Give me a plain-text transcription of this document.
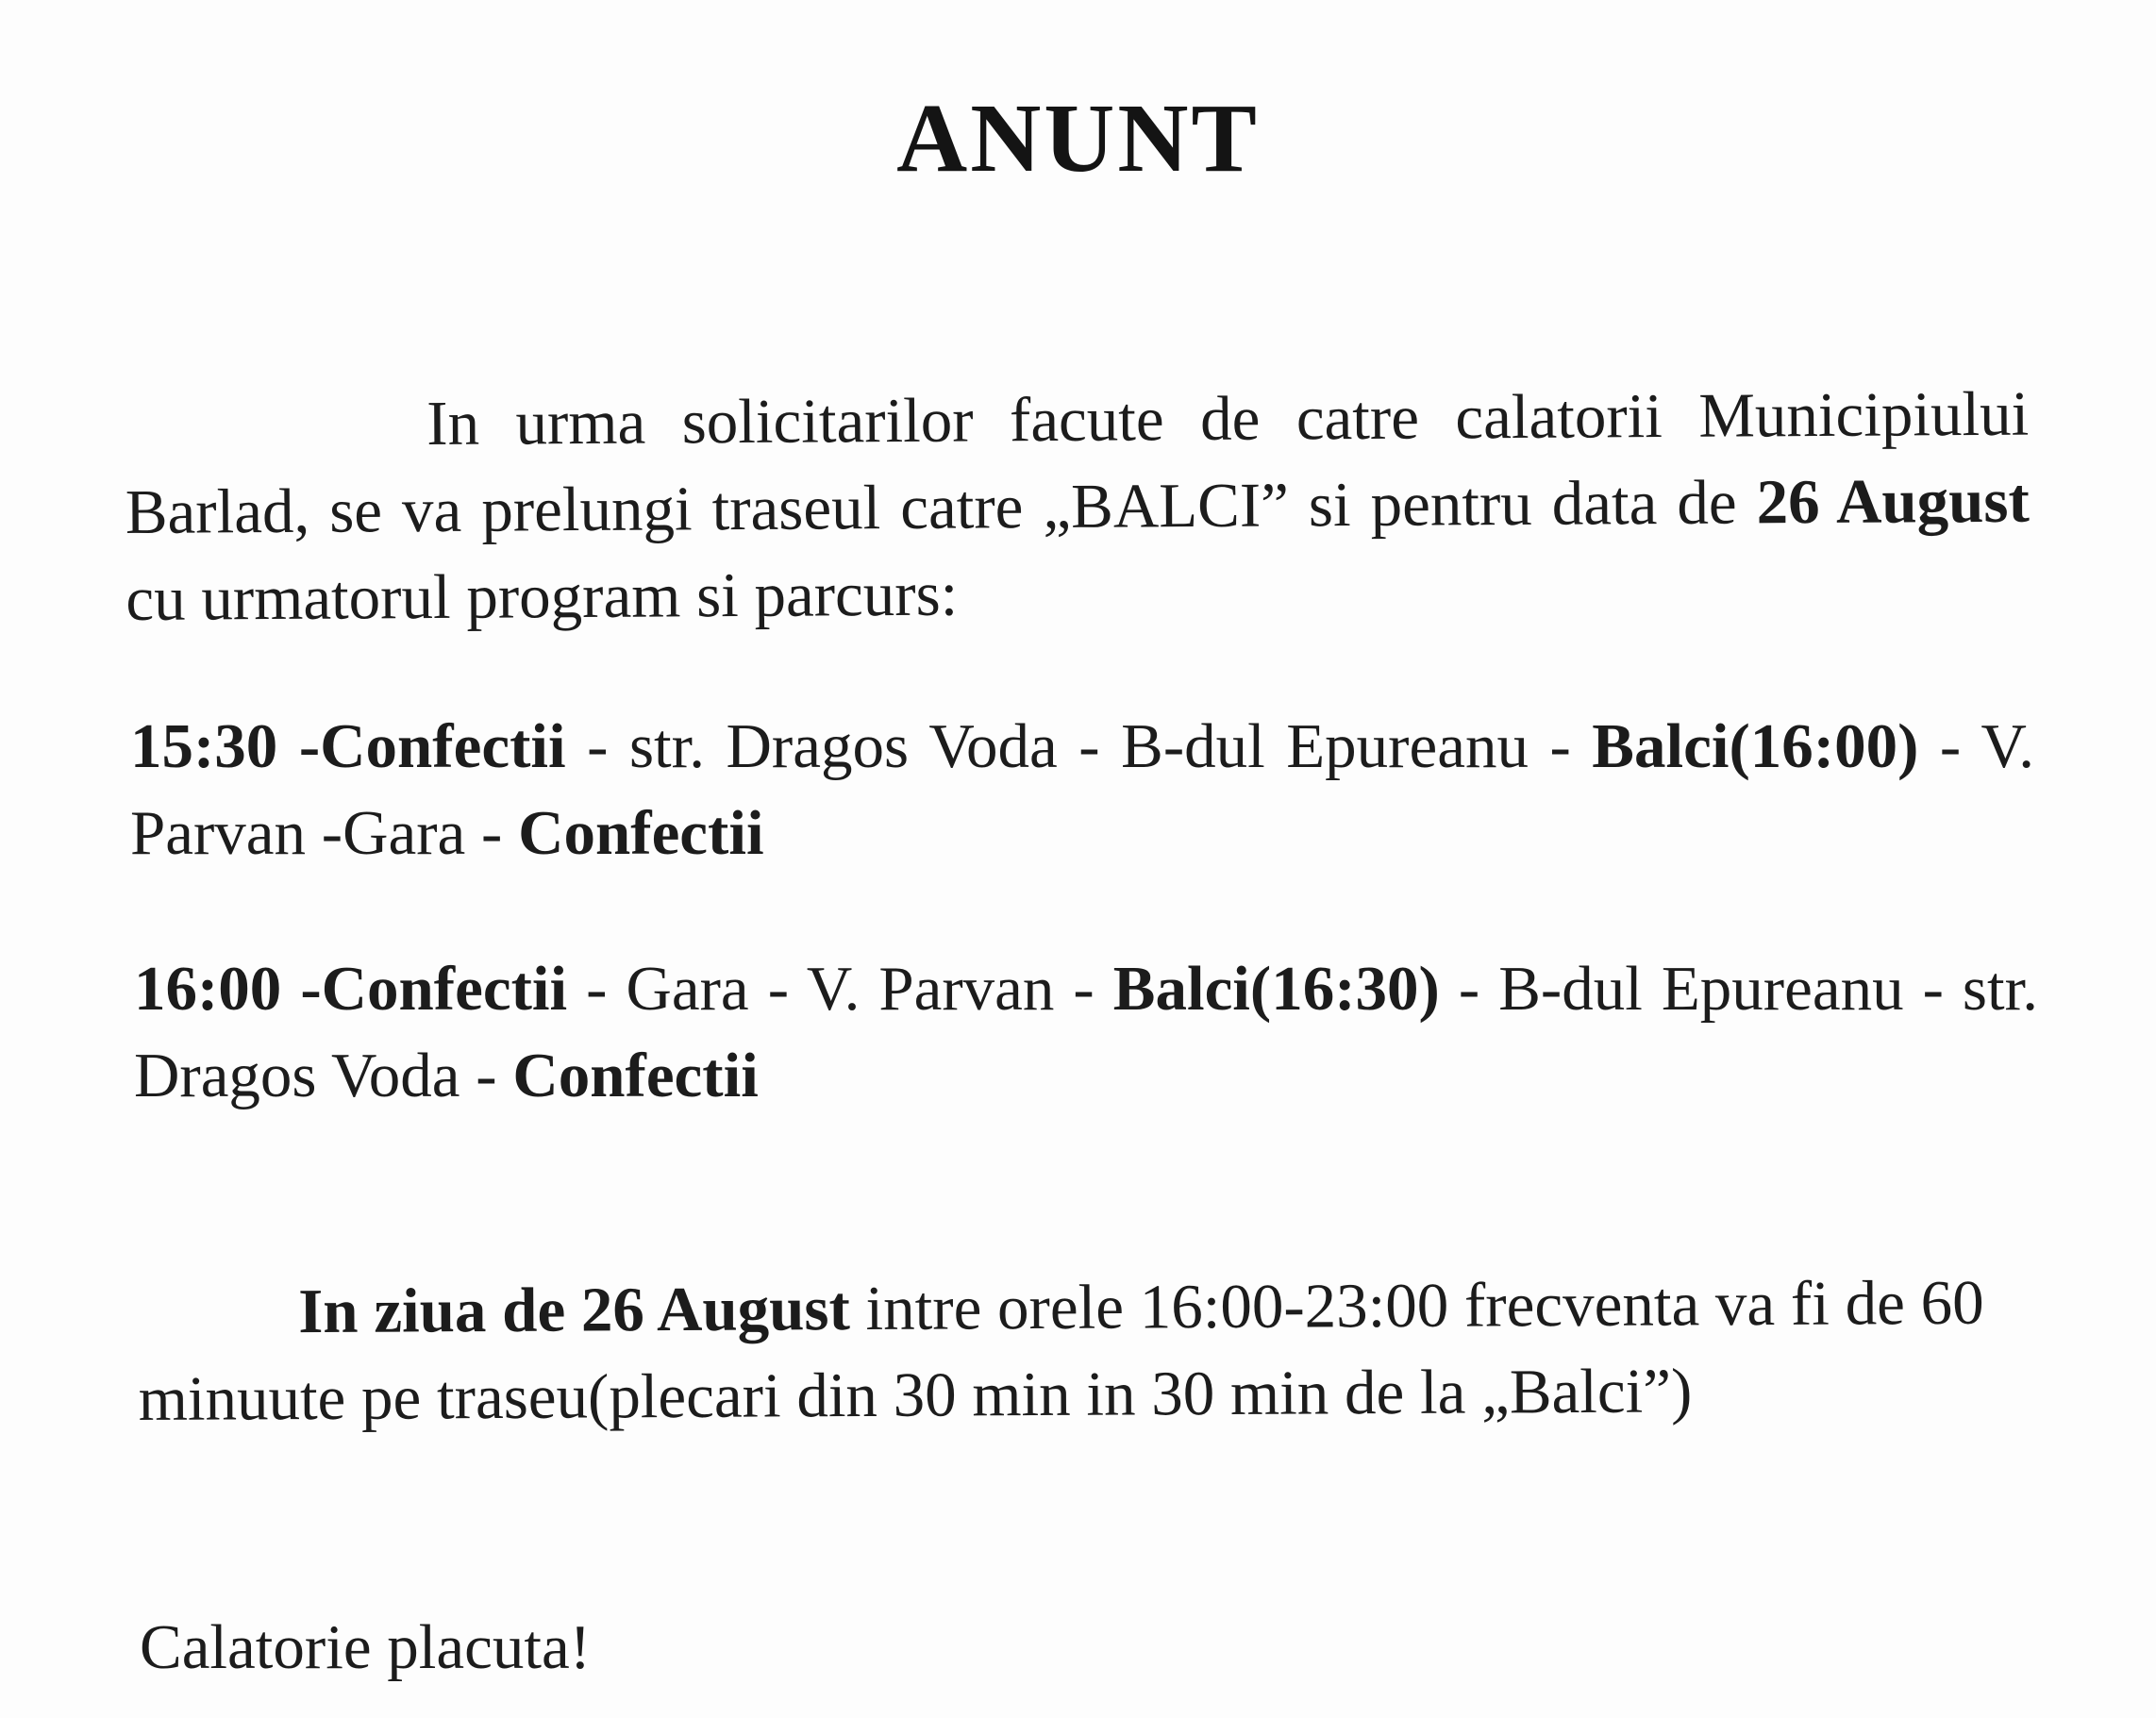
ANUNT

In urma solicitarilor facute de catre calatorii Municipiului Barlad, se va prelungi traseul catre „BALCI” si pentru data de 26 August cu urmatorul program si parcurs:

15:30 -Confectii - str. Dragos Voda - B-dul Epureanu - Balci(16:00) - V. Parvan -Gara - Confectii

16:00 -Confectii - Gara - V. Parvan - Balci(16:30) - B-dul Epureanu - str. Dragos Voda - Confectii

In ziua de 26 August intre orele 16:00-23:00 frecventa va fi de 60 minuute pe traseu(plecari din 30 min in 30 min de la „Balci”)

Calatorie placuta!
